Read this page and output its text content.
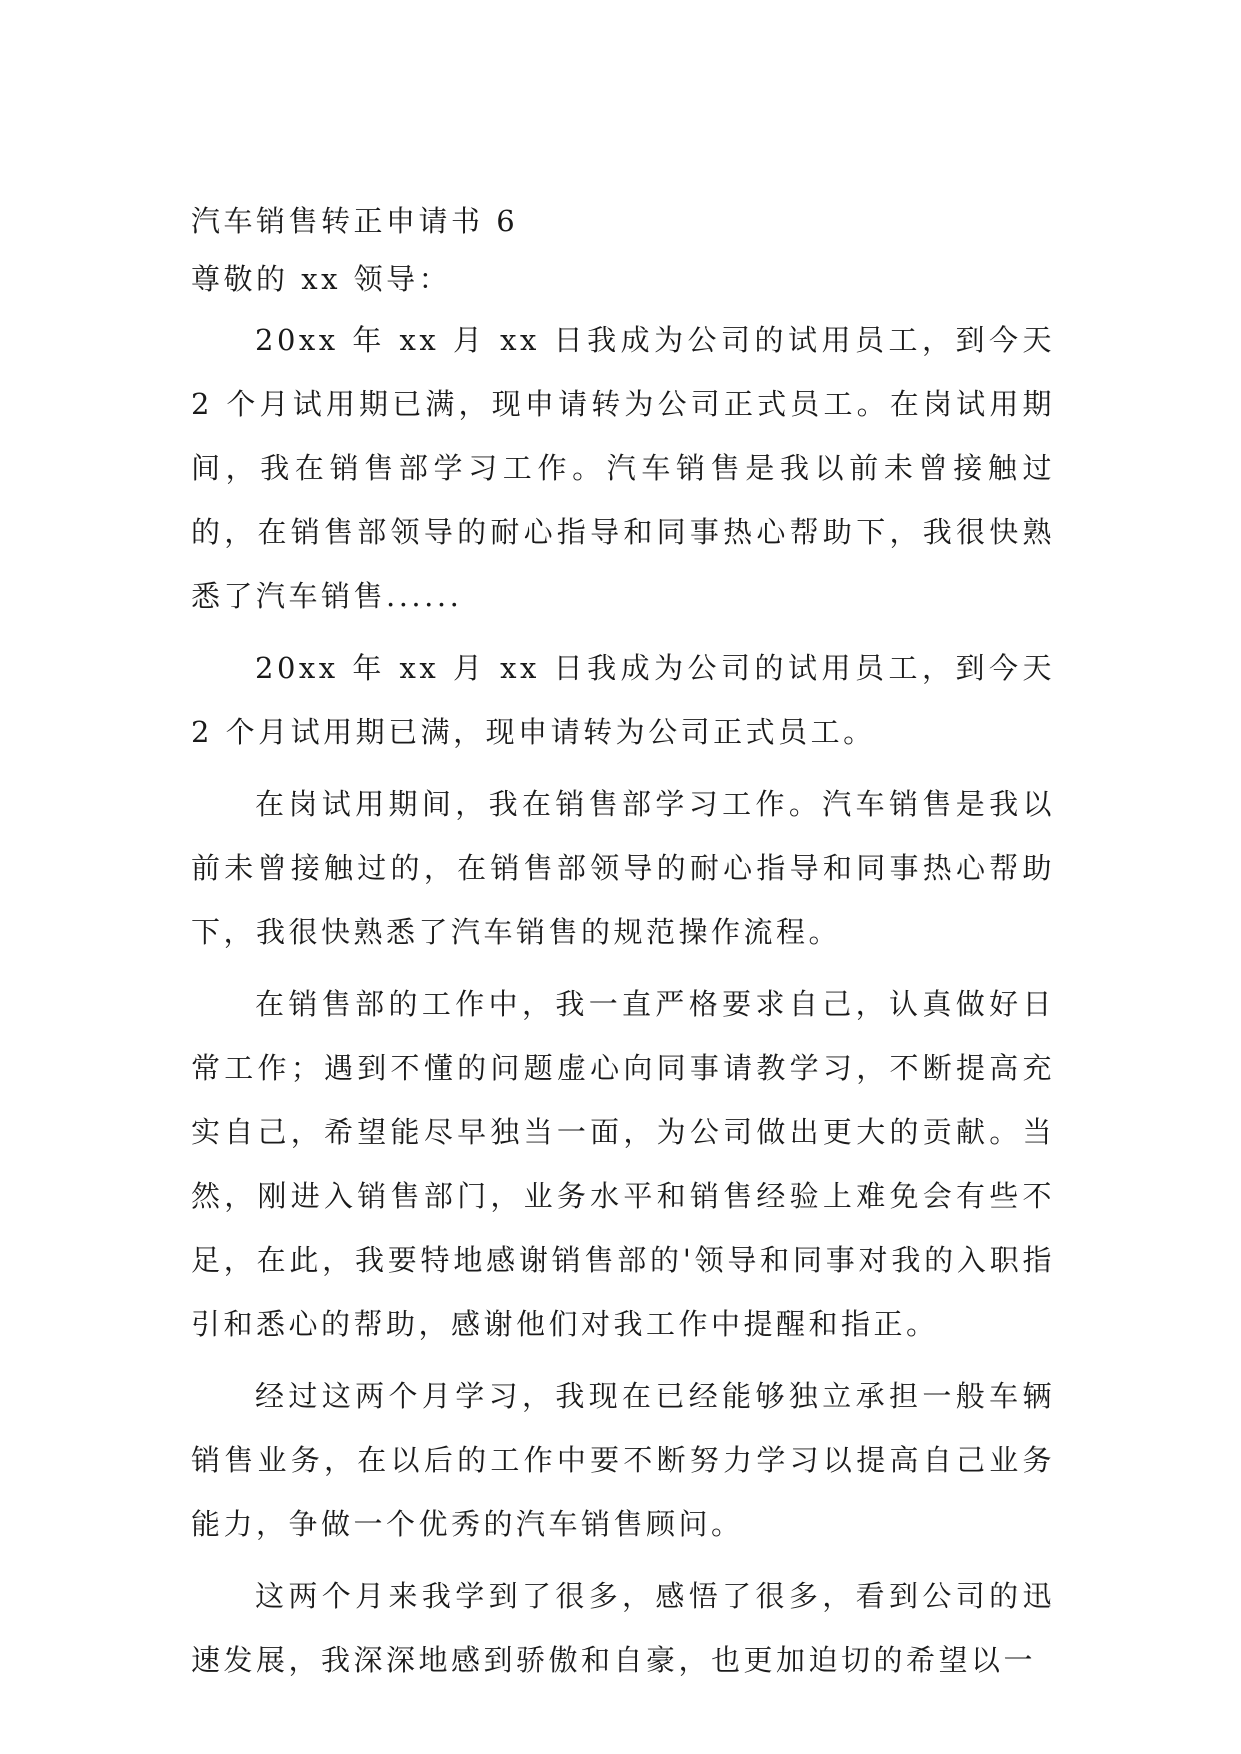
汽车销售转正申请书 6

尊敬的 xx 领导：

20xx 年 xx 月 xx 日我成为公司的试用员工，到今天 2 个月试用期已满，现申请转为公司正式员工。在岗试用期间，我在销售部学习工作。汽车销售是我以前未曾接触过的，在销售部领导的耐心指导和同事热心帮助下，我很快熟悉了汽车销售......

20xx 年 xx 月 xx 日我成为公司的试用员工，到今天 2 个月试用期已满，现申请转为公司正式员工。

在岗试用期间，我在销售部学习工作。汽车销售是我以前未曾接触过的，在销售部领导的耐心指导和同事热心帮助下，我很快熟悉了汽车销售的规范操作流程。

在销售部的工作中，我一直严格要求自己，认真做好日常工作；遇到不懂的问题虚心向同事请教学习，不断提高充实自己，希望能尽早独当一面，为公司做出更大的贡献。当然，刚进入销售部门，业务水平和销售经验上难免会有些不足，在此，我要特地感谢销售部的'领导和同事对我的入职指引和悉心的帮助，感谢他们对我工作中提醒和指正。

经过这两个月学习，我现在已经能够独立承担一般车辆销售业务，在以后的工作中要不断努力学习以提高自己业务能力，争做一个优秀的汽车销售顾问。

这两个月来我学到了很多，感悟了很多，看到公司的迅速发展，我深深地感到骄傲和自豪，也更加迫切的希望以一
